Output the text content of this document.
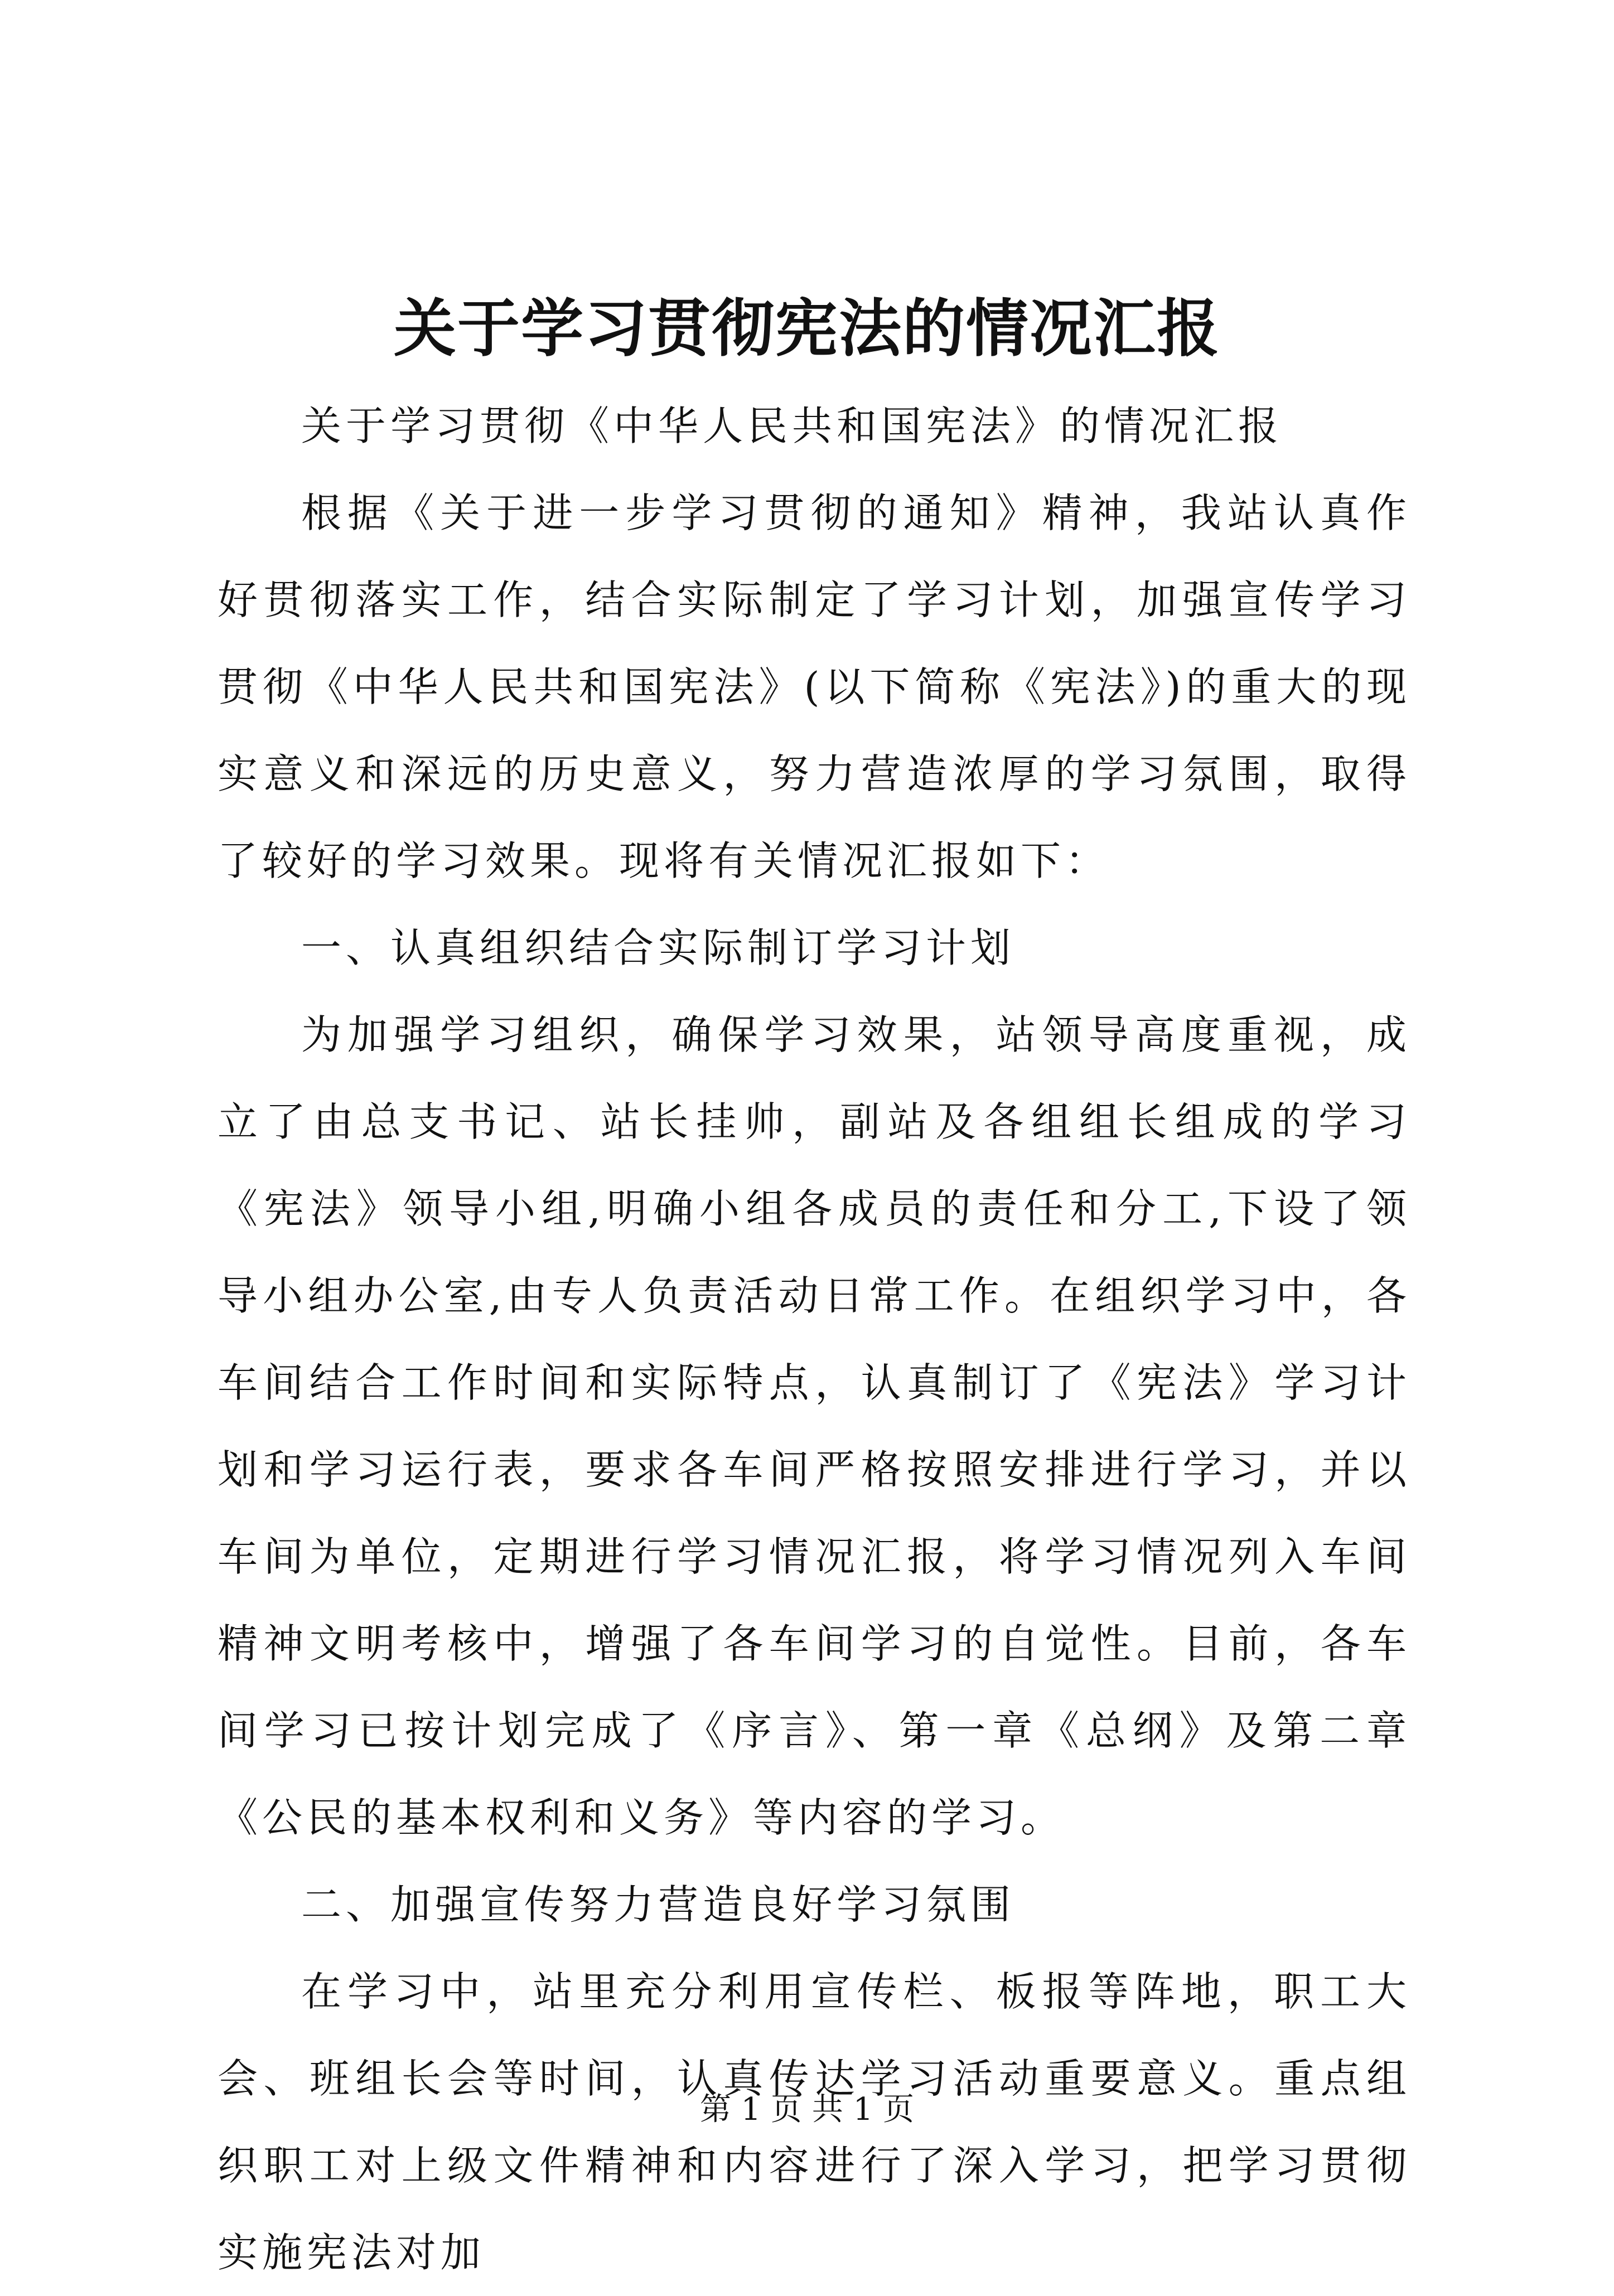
关于学习贯彻宪法的情况汇报

关于学习贯彻《中华人民共和国宪法》的情况汇报

根据《关于进一步学习贯彻的通知》精神，我站认真作好贯彻落实工作，结合实际制定了学习计划，加强宣传学习贯彻《中华人民共和国宪法》(以下简称《宪法》)的重大的现实意义和深远的历史意义，努力营造浓厚的学习氛围，取得了较好的学习效果。现将有关情况汇报如下：

一、认真组织结合实际制订学习计划

为加强学习组织，确保学习效果，站领导高度重视，成立了由总支书记、站长挂帅，副站及各组组长组成的学习《宪法》领导小组,明确小组各成员的责任和分工,下设了领导小组办公室,由专人负责活动日常工作。在组织学习中，各车间结合工作时间和实际特点，认真制订了《宪法》学习计划和学习运行表，要求各车间严格按照安排进行学习，并以车间为单位，定期进行学习情况汇报，将学习情况列入车间精神文明考核中，增强了各车间学习的自觉性。目前，各车间学习已按计划完成了《序言》、第一章《总纲》及第二章《公民的基本权利和义务》等内容的学习。

二、加强宣传努力营造良好学习氛围

在学习中，站里充分利用宣传栏、板报等阵地，职工大会、班组长会等时间，认真传达学习活动重要意义。重点组织职工对上级文件精神和内容进行了深入学习，把学习贯彻实施宪法对加

第 1 页 共 1 页
